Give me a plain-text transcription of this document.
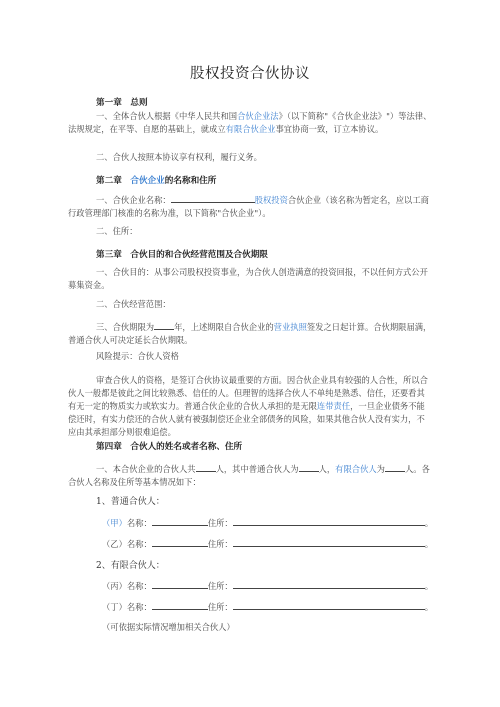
股权投资合伙协议
第一章　总则
一、全体合伙人根据《中华人民共和国合伙企业法》（以下简称"《合伙企业法》"）等法律、法规规定，在平等、自愿的基础上，就成立有限合伙企业事宜协商一致，订立本协议。
二、合伙人按照本协议享有权利，履行义务。
第二章　合伙企业的名称和住所
一、合伙企业名称：	股权投资合伙企业（该名称为暂定名，应以工商行政管理部门核准的名称为准，以下简称"合伙企业"）。
二、住所：
第三章　合伙目的和合伙经营范围及合伙期限
一、合伙目的：从事公司股权投资事业，为合伙人创造满意的投资回报，不以任何方式公开募集资金。
二、合伙经营范围：
三、合伙期限为 年，上述期限自合伙企业的营业执照签发之日起计算。合伙期限届满，普通合伙人可决定延长合伙期限。
风险提示：合伙人资格
审查合伙人的资格，是签订合伙协议最重要的方面。因合伙企业具有较强的人合性，所以合伙人一般都是彼此之间比较熟悉、信任的人。但理智的选择合伙人不单纯是熟悉、信任，还要看其有无一定的物质实力或软实力。普通合伙企业的合伙人承担的是无限连带责任，一旦企业债务不能偿还时，有实力偿还的合伙人就有被强制偿还企业全部债务的风险，如果其他合伙人没有实力，不应由其承担部分则很难追偿。
第四章　合伙人的姓名或者名称、住所
一、本合伙企业的合伙人共 人，其中普通合伙人为 人，有限合伙人为 人。各合伙人名称及住所等基本情况如下：
1、普通合伙人：
（甲）名称：	住所：	。
（乙）名称：	住所：	。
2、有限合伙人：
（丙）名称：	住所：	。
（丁）名称：	住所：	。
（可依据实际情况增加相关合伙人）
